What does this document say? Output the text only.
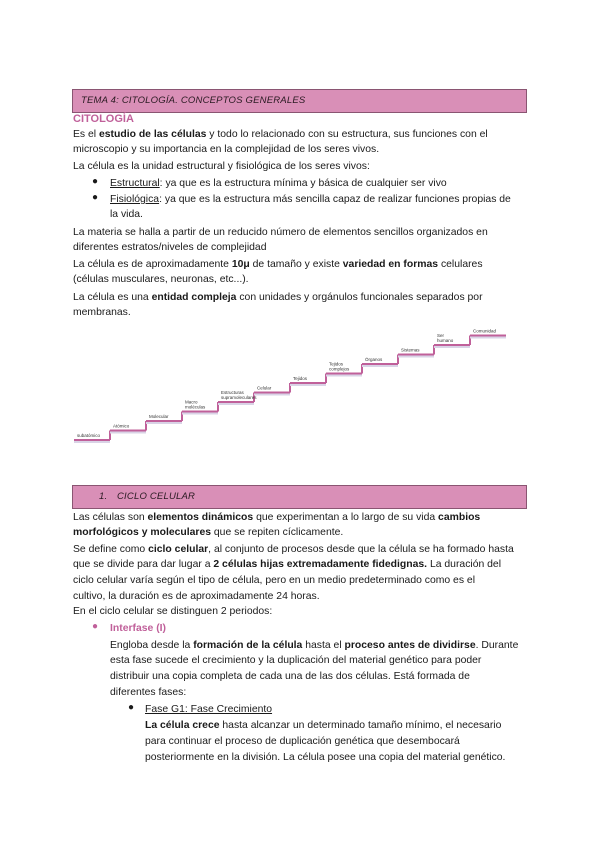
TEMA 4: CITOLOGÍA. CONCEPTOS GENERALES
CITOLOGÍA
Es el estudio de las células y todo lo relacionado con su estructura, sus funciones con el
microscopio y su importancia en la complejidad de los seres vivos.
La célula es la unidad estructural y fisiológica de los seres vivos:
● Estructural: ya que es la estructura mínima y básica de cualquier ser vivo
● Fisiológica: ya que es la estructura más sencilla capaz de realizar funciones propias de
la vida.
La materia se halla a partir de un reducido número de elementos sencillos organizados en
diferentes estratos/niveles de complejidad
La célula es de aproximadamente 10μ de tamaño y existe variedad en formas celulares
(células musculares, neuronas, etc...).
La célula es una entidad compleja con unidades y orgánulos funcionales separados por
membranas.
subatómico
Atómico
Molecular
Macro moléculas
Estructuras supramoleculares
Celular
Tejidos
Tejidos complejos
Órganos
Sistemas
Ser humano
Comunidad
1. CICLO CELULAR
Las células son elementos dinámicos que experimentan a lo largo de su vida cambios
morfológicos y moleculares que se repiten cíclicamente.
Se define como ciclo celular, al conjunto de procesos desde que la célula se ha formado hasta
que se divide para dar lugar a 2 células hijas extremadamente fidedignas. La duración del
ciclo celular varía según el tipo de célula, pero en un medio predeterminado como es el
cultivo, la duración es de aproximadamente 24 horas.
En el ciclo celular se distinguen 2 periodos:
● Interfase (I)
Engloba desde la formación de la célula hasta el proceso antes de dividirse. Durante
esta fase sucede el crecimiento y la duplicación del material genético para poder
distribuir una copia completa de cada una de las dos células. Está formada de
diferentes fases:
● Fase G1: Fase Crecimiento
La célula crece hasta alcanzar un determinado tamaño mínimo, el necesario
para continuar el proceso de duplicación genética que desembocará
posteriormente en la división. La célula posee una copia del material genético.
